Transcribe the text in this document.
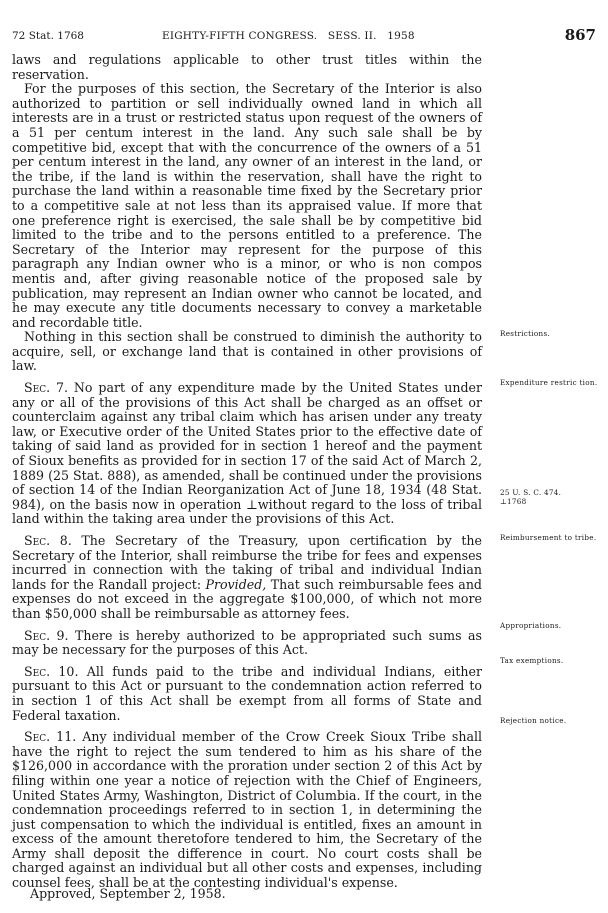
72 Stat. 1768	EIGHTY-FIFTH CONGRESS.   SESS. II.   1958	867

laws and regulations applicable to other trust titles within the reservation.

For the purposes of this section, the Secretary of the Interior is also authorized to partition or sell individually owned land in which all interests are in a trust or restricted status upon request of the owners of a 51 per centum interest in the land. Any such sale shall be by competitive bid, except that with the concurrence of the owners of a 51 per centum interest in the land, any owner of an interest in the land, or the tribe, if the land is within the reservation, shall have the right to purchase the land within a reasonable time fixed by the Secretary prior to a competitive sale at not less than its appraised value. If more that one preference right is exercised, the sale shall be by competitive bid limited to the tribe and to the persons entitled to a preference. The Secretary of the Interior may represent for the purpose of this paragraph any Indian owner who is a minor, or who is non compos mentis and, after giving reasonable notice of the proposed sale by publication, may represent an Indian owner who cannot be located, and he may execute any title documents necessary to convey a marketable and recordable title.

Nothing in this section shall be construed to diminish the authority to acquire, sell, or exchange land that is contained in other provisions of law.

Sec. 7. No part of any expenditure made by the United States under any or all of the provisions of this Act shall be charged as an offset or counterclaim against any tribal claim which has arisen under any treaty law, or Executive order of the United States prior to the effective date of taking of said land as provided for in section 1 hereof and the payment of Sioux benefits as provided for in section 17 of the said Act of March 2, 1889 (25 Stat. 888), as amended, shall be continued under the provisions of section 14 of the Indian Reorganization Act of June 18, 1934 (48 Stat. 984), on the basis now in operation ⊥without regard to the loss of tribal land within the taking area under the provisions of this Act.

Sec. 8. The Secretary of the Treasury, upon certification by the Secretary of the Interior, shall reimburse the tribe for fees and expenses incurred in connection with the taking of tribal and individual Indian lands for the Randall project: Provided, That such reimbursable fees and expenses do not exceed in the aggregate $100,000, of which not more than $50,000 shall be reimbursable as attorney fees.

Sec. 9. There is hereby authorized to be appropriated such sums as may be necessary for the purposes of this Act.

Sec. 10. All funds paid to the tribe and individual Indians, either pursuant to this Act or pursuant to the condemnation action referred to in section 1 of this Act shall be exempt from all forms of State and Federal taxation.

Sec. 11. Any individual member of the Crow Creek Sioux Tribe shall have the right to reject the sum tendered to him as his share of the $126,000 in accordance with the proration under section 2 of this Act by filing within one year a notice of rejection with the Chief of Engineers, United States Army, Washington, District of Columbia. If the court, in the condemnation proceedings referred to in section 1, in determining the just compensation to which the individual is entitled, fixes an amount in excess of the amount theretofore tendered to him, the Secretary of the Army shall deposit the difference in court. No court costs shall be charged against an individual but all other costs and expenses, including counsel fees, shall be at the contesting individual's expense.

Approved, September 2, 1958.
Restrictions.
Expenditure restric tion.
25 U. S. C. 474.
⊥1768
Reimbursement to tribe.
Appropriations.
Tax exemptions.
Rejection notice.
